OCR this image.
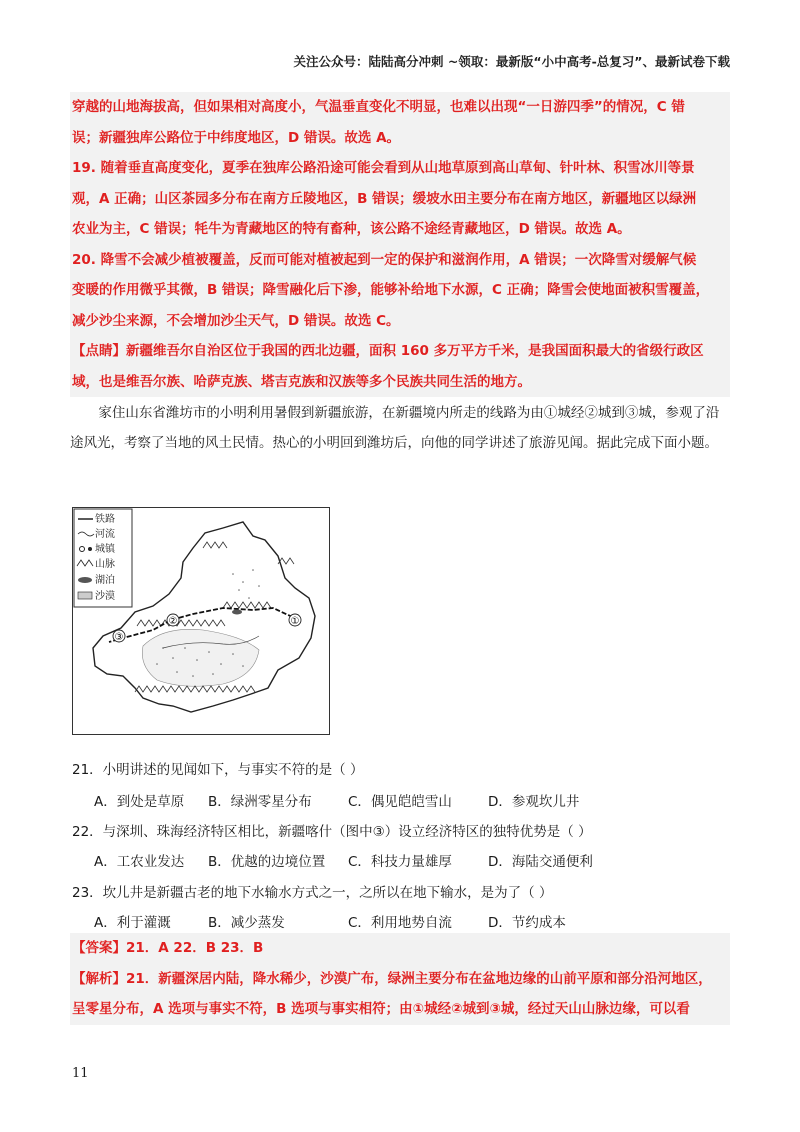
关注公众号：陆陆高分冲刺 ~领取：最新版“小中高考-总复习”、最新试卷下载

穿越的山地海拔高，但如果相对高度小，气温垂直变化不明显，也难以出现“一日游四季”的情况，C 错

误；新疆独库公路位于中纬度地区，D 错误。故选 A。

19. 随着垂直高度变化，夏季在独库公路沿途可能会看到从山地草原到高山草甸、针叶林、积雪冰川等景

观，A 正确；山区茶园多分布在南方丘陵地区，B 错误；缓坡水田主要分布在南方地区，新疆地区以绿洲

农业为主，C 错误；牦牛为青藏地区的特有畜种，该公路不途经青藏地区，D 错误。故选 A。

20. 降雪不会减少植被覆盖，反而可能对植被起到一定的保护和滋润作用，A 错误；一次降雪对缓解气候

变暖的作用微乎其微，B 错误；降雪融化后下渗，能够补给地下水源，C 正确；降雪会使地面被积雪覆盖，

减少沙尘来源，不会增加沙尘天气，D 错误。故选 C。

【点睛】新疆维吾尔自治区位于我国的西北边疆，面积 160 多万平方千米，是我国面积最大的省级行政区

域，也是维吾尔族、哈萨克族、塔吉克族和汉族等多个民族共同生活的地方。

家住山东省潍坊市的小明利用暑假到新疆旅游，在新疆境内所走的线路为由①城经②城到③城，参观了沿途风光，考察了当地的风土民情。热心的小明回到潍坊后，向他的同学讲述了旅游见闻。据此完成下面小题。

铁路
河流
城镇
山脉
湖泊
沙漠
①
②
③
21．小明讲述的见闻如下，与事实不符的是（ ）
A．到处是草原 B．绿洲零星分布	C．偶见皑皑雪山	D．参观坎儿井
22．与深圳、珠海经济特区相比，新疆喀什（图中③）设立经济特区的独特优势是（ ）
A．工农业发达 B．优越的边境位置 C．科技力量雄厚	D．海陆交通便利
23．坎儿井是新疆古老的地下水输水方式之一，之所以在地下输水，是为了（ ）
A．利于灌溉	B．减少蒸发	C．利用地势自流	D．节约成本

【答案】21．A 22．B 23．B

【解析】21．新疆深居内陆，降水稀少，沙漠广布，绿洲主要分布在盆地边缘的山前平原和部分沿河地区，

呈零星分布，A 选项与事实不符，B 选项与事实相符；由①城经②城到③城，经过天山山脉边缘，可以看

11
